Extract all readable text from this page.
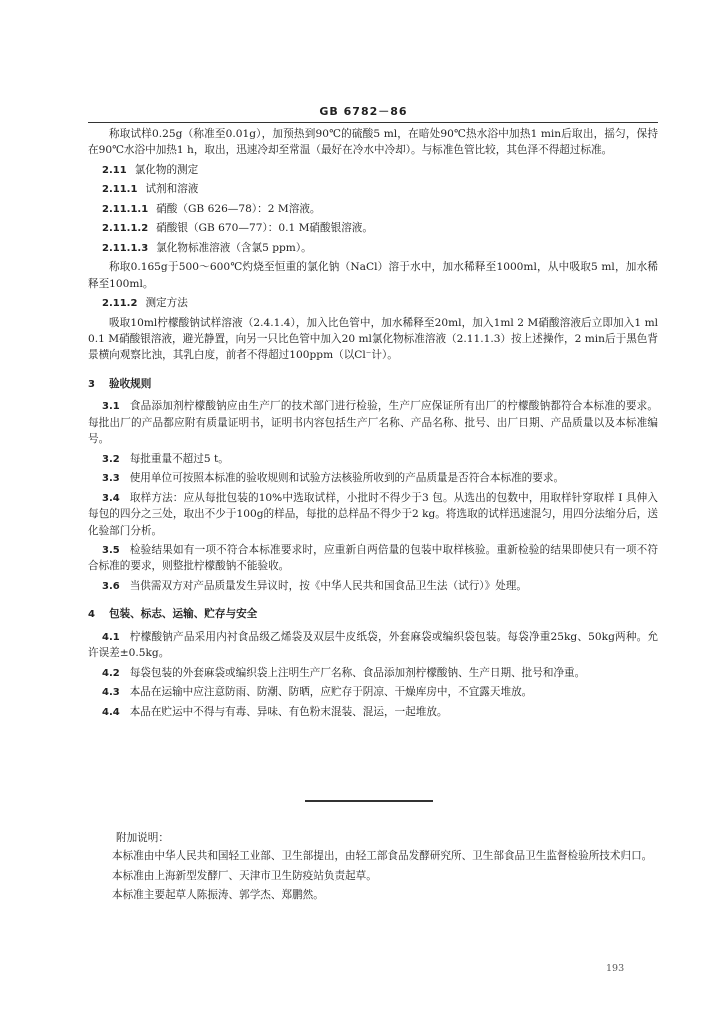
GB 6782－86

称取试样0.25g（称准至0.01g），加预热到90℃的硫酸5 ml，在暗处90℃热水浴中加热1 min后取出，摇匀，保持在90℃水浴中加热1 h，取出，迅速冷却至常温（最好在冷水中冷却）。与标准色管比较，其色泽不得超过标准。

2.11 氯化物的测定
2.11.1 试剂和溶液
2.11.1.1 硝酸（GB 626—78）：2 M溶液。
2.11.1.2 硝酸银（GB 670—77）：0.1 M硝酸银溶液。
2.11.1.3 氯化物标准溶液（含氯5 ppm）。

称取0.165g于500～600℃灼烧至恒重的氯化钠（NaCl）溶于水中，加水稀释至1000ml，从中吸取5 ml，加水稀释至100ml。

2.11.2 测定方法

吸取10ml柠檬酸钠试样溶液（2.4.1.4），加入比色管中，加水稀释至20ml，加入1ml 2 M硝酸溶液后立即加入1 ml 0.1 M硝酸银溶液，避光静置，向另一只比色管中加入20 ml氯化物标准溶液（2.11.1.3）按上述操作，2 min后于黑色背景横向观察比浊，其乳白度，前者不得超过100ppm（以Cl⁻计）。

3 验收规则

3.1 食品添加剂柠檬酸钠应由生产厂的技术部门进行检验，生产厂应保证所有出厂的柠檬酸钠都符合本标准的要求。每批出厂的产品都应附有质量证明书，证明书内容包括生产厂名称、产品名称、批号、出厂日期、产品质量以及本标准编号。

3.2 每批重量不超过5 t。

3.3 使用单位可按照本标准的验收规则和试验方法核验所收到的产品质量是否符合本标准的要求。

3.4 取样方法：应从每批包装的10%中选取试样，小批时不得少于3 包。从选出的包数中，用取样针穿取样 I 具伸入每包的四分之三处，取出不少于100g的样品，每批的总样品不得少于2 kg。将选取的试样迅速混匀，用四分法缩分后，送化验部门分析。

3.5 检验结果如有一项不符合本标准要求时，应重新自两倍量的包装中取样核验。重新检验的结果即使只有一项不符合标准的要求，则整批柠檬酸钠不能验收。

3.6 当供需双方对产品质量发生异议时，按《中华人民共和国食品卫生法（试行）》处理。

4 包装、标志、运输、贮存与安全

4.1 柠檬酸钠产品采用内衬食品级乙烯袋及双层牛皮纸袋，外套麻袋或编织袋包装。每袋净重25kg、50kg两种。允许误差±0.5kg。

4.2 每袋包装的外套麻袋或编织袋上注明生产厂名称、食品添加剂柠檬酸钠、生产日期、批号和净重。

4.3 本品在运输中应注意防雨、防潮、防晒，应贮存于阴凉、干燥库房中，不宜露天堆放。

4.4 本品在贮运中不得与有毒、异味、有色粉末混装、混运，一起堆放。

附加说明：

本标准由中华人民共和国轻工业部、卫生部提出，由轻工部食品发酵研究所、卫生部食品卫生监督检验所技术归口。

本标准由上海新型发酵厂、天津市卫生防疫站负责起草。

本标准主要起草人陈振涛、郭学杰、郑鹏然。

193
